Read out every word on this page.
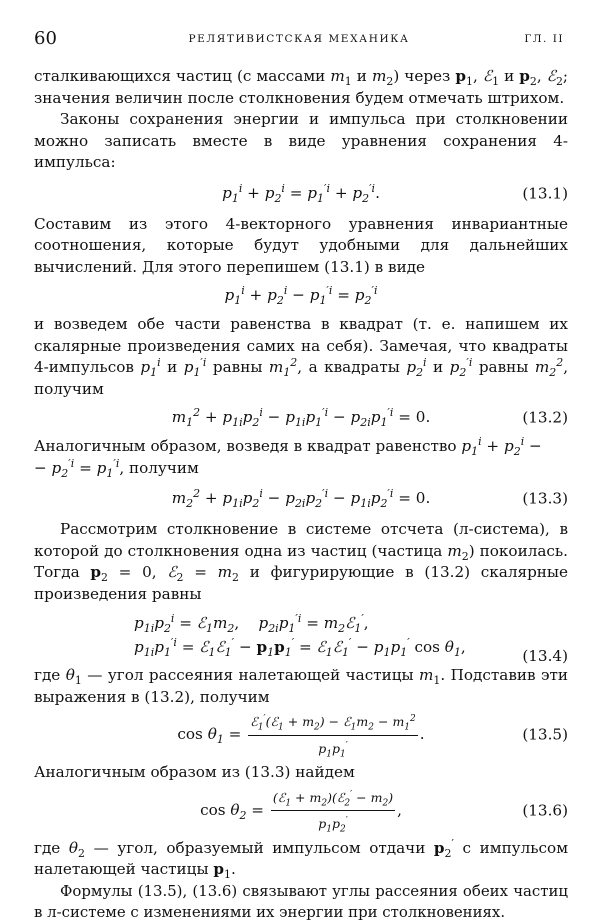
60	РЕЛЯТИВИСТСКАЯ МЕХАНИКА	ГЛ. II

сталкивающихся частиц (с массами $m_1$ и $m_2$) через $p_1$, ℰ$_1$ и $p_2$, ℰ$_2$; значения величин после столкновения будем отмечать штрихом.

Законы сохранения энергии и импульса при столкновении можно записать вместе в виде уравнения сохранения 4-импульса:

$p_1^i + p_2^i = p_1^{'i} + p_2^{'i}$.	(13.1)

Составим из этого 4-векторного уравнения инвариантные соотношения, которые будут удобными для дальнейших вычислений. Для этого перепишем (13.1) в виде

$p_1^i + p_2^i - p_1^{'i} = p_2^{'i}$

и возведем обе части равенства в квадрат (т. е. напишем их скалярные произведения самих на себя). Замечая, что квадраты 4-импульсов $p_1^i$ и $p_1^{'i}$ равны $m_1^2$, а квадраты $p_2^i$ и $p_2^{'i}$ равны $m_2^2$, получим

$m_1^2 + p_{1i}p_2^i - p_{1i}p_1^{'i} - p_{2i}p_1^{'i} = 0$.	(13.2)

Аналогичным образом, возведя в квадрат равенство $p_1^i + p_2^i$ −
− $p_2^{'i} = p_1^{'i}$, получим

$m_2^2 + p_{1i}p_2^i - p_{2i}p_2^{'i} - p_{1i}p_2^{'i} = 0$.	(13.3)

Рассмотрим столкновение в системе отсчета (л-система), в которой до столкновения одна из частиц (частица $m_2$) покоилась. Тогда $p_2 = 0$, ℰ$_2$ = $m_2$ и фигурирующие в (13.2) скалярные произведения равны

$p_{1i}p_2^i$ = $ℰ_1m_2$,    $p_{2i}p_1^{'i}$ = $m_2ℰ_1'$,
$p_{1i}p_1^{'i}$ = ℰ$_1$ℰ$_1$′ − $p_1p_1'$ = ℰ$_1$ℰ$_1$′ − $p_1p_1'$ $\cos \theta_1$,	(13.4)

где $\theta_1$ — угол рассеяния налетающей частицы $m_1$. Подставив эти выражения в (13.2), получим

cos
$\theta_1 = \frac{ℰ_1'(ℰ_1 + m_2) - ℰ_1m_2 - m_1^2}{p_1p_1'}$ .	(13.5)

Аналогичным образом из (13.3) найдем

cos
$\theta_2 = \frac{(ℰ_1 + m_2)(ℰ_2' - m_2)}{p_1p_2'}$ ,	(13.6)

где $\theta_2$ — угол, образуемый импульсом отдачи $p_2'$ с импульсом налетающей частицы $p_1$.

Формулы (13.5), (13.6) связывают углы рассеяния обеих частиц в л-системе с изменениями их энергии при столкновениях.
